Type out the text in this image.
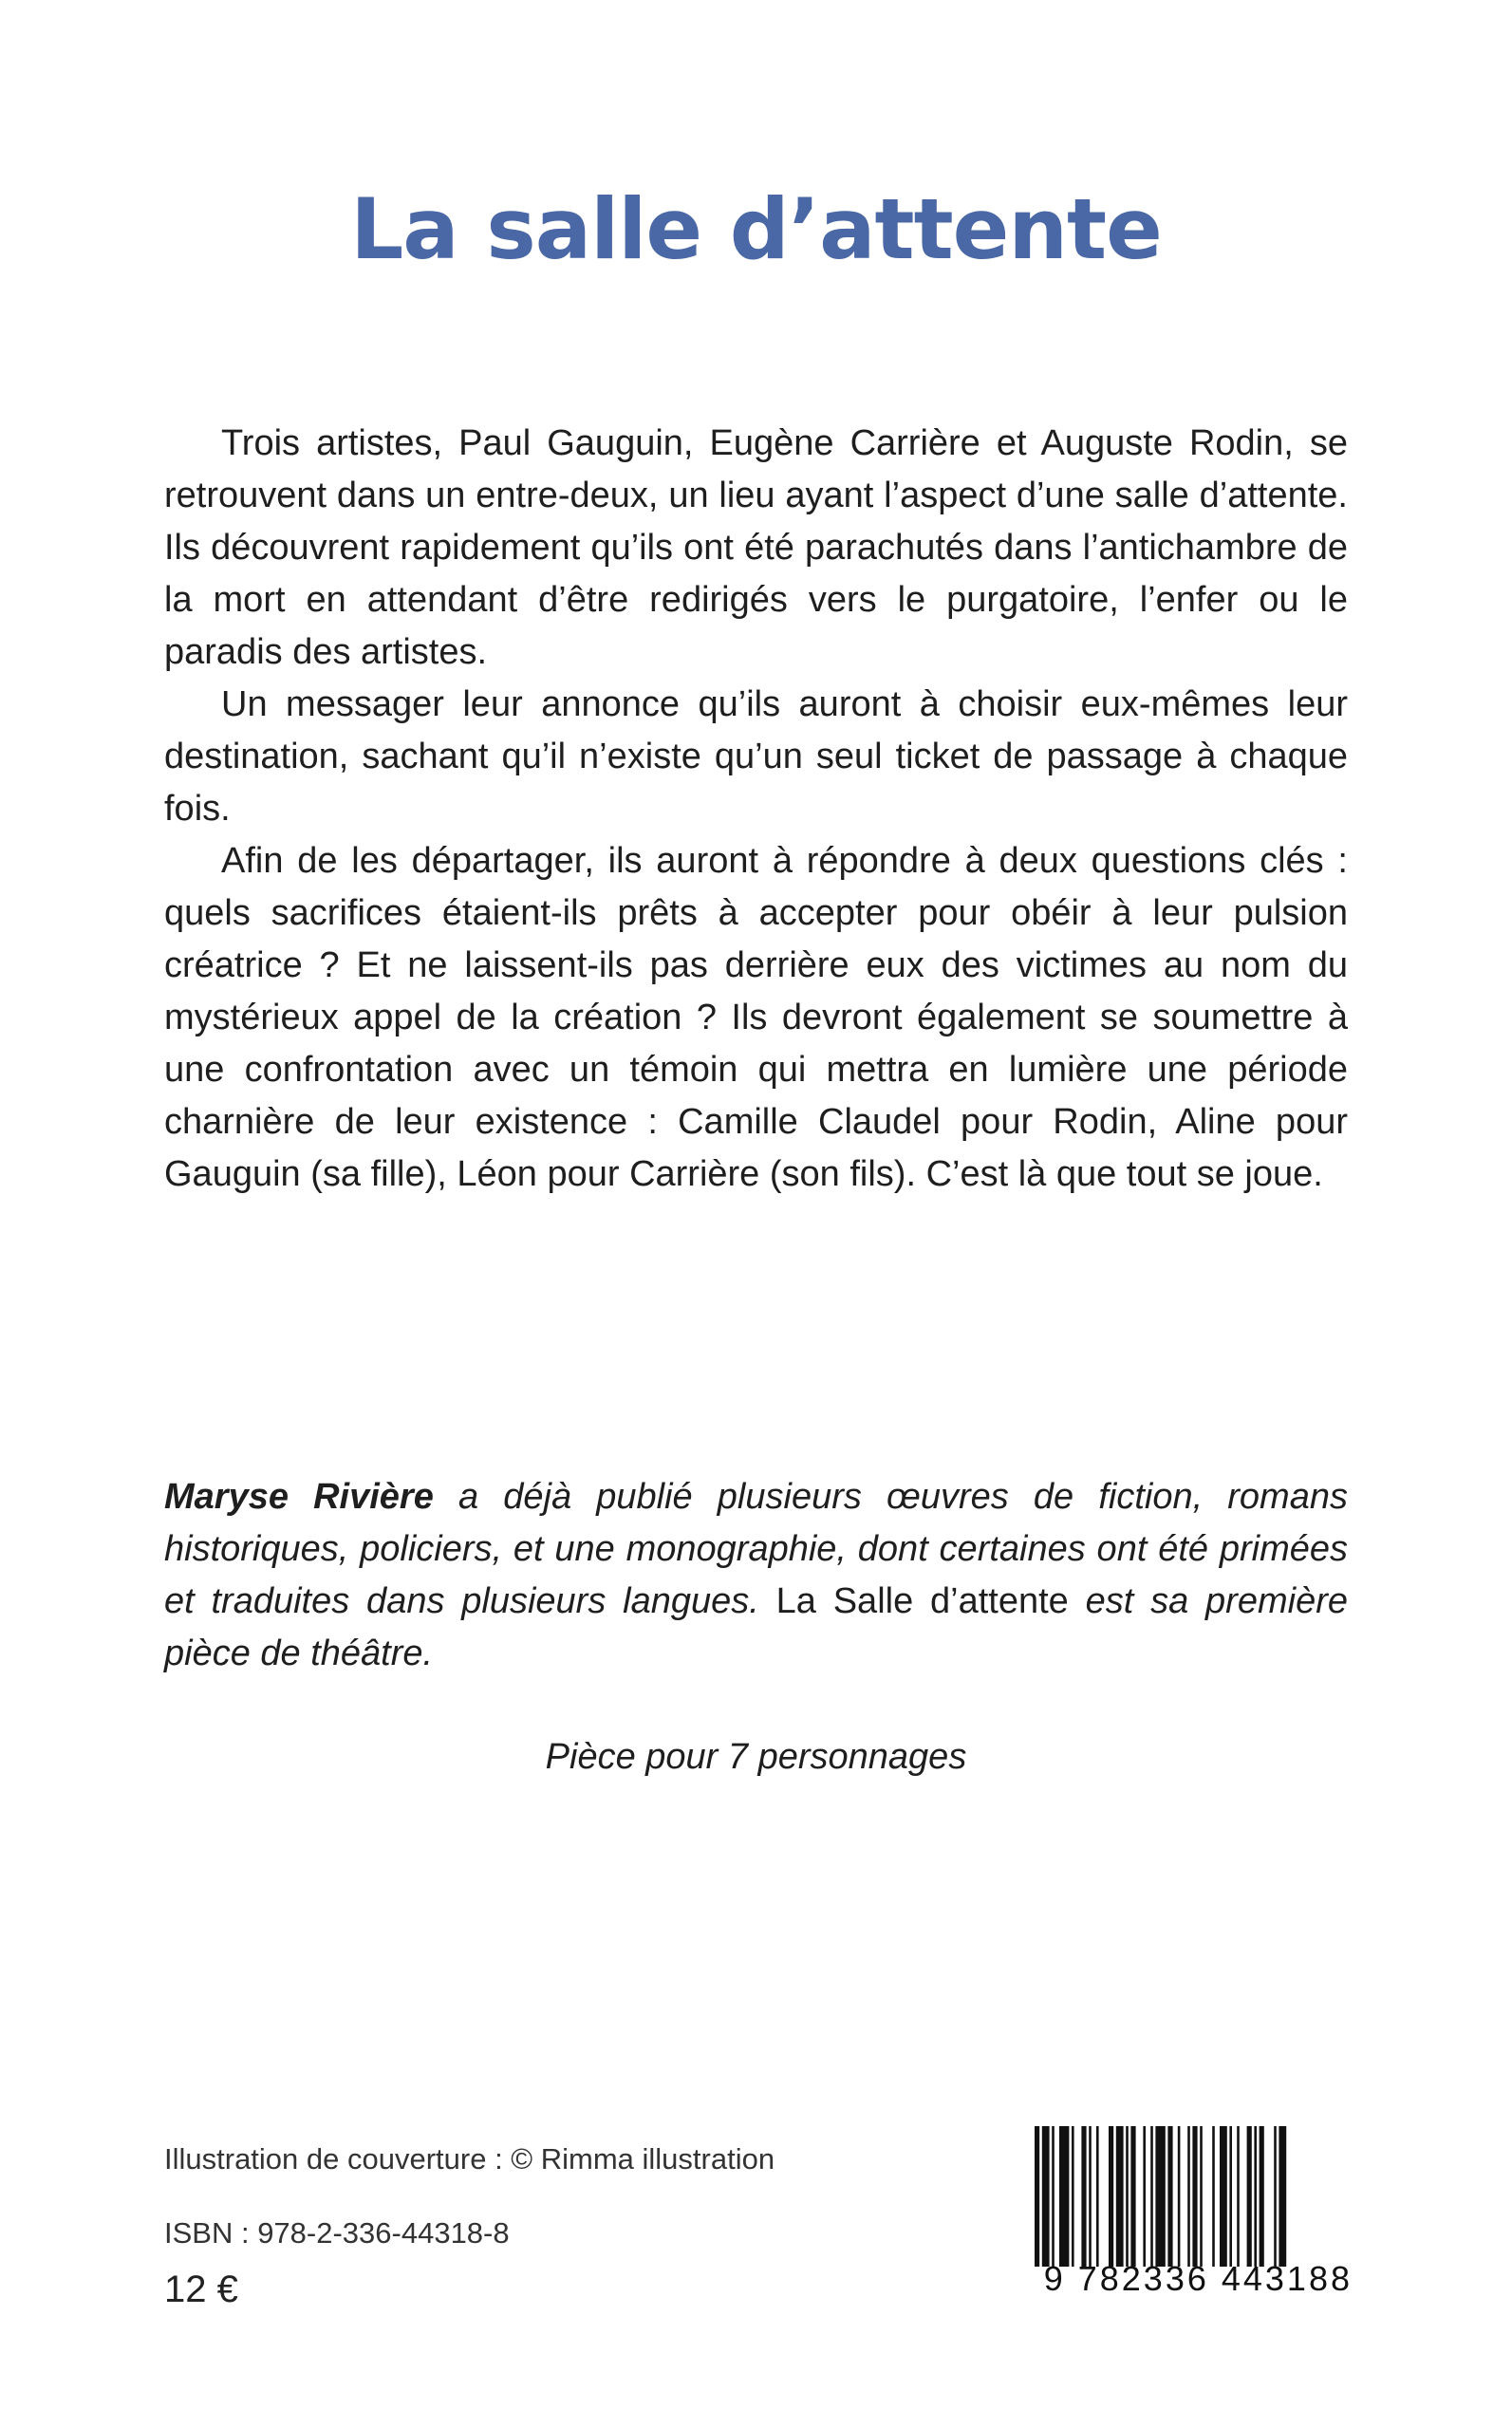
La salle d’attente

Trois artistes, Paul Gauguin, Eugène Carrière et Auguste Rodin, se retrouvent dans un entre-deux, un lieu ayant l’aspect d’une salle d’attente. Ils découvrent rapidement qu’ils ont été parachutés dans l’antichambre de la mort en attendant d’être redirigés vers le purgatoire, l’enfer ou le paradis des artistes.

Un messager leur annonce qu’ils auront à choisir eux-mêmes leur destination, sachant qu’il n’existe qu’un seul ticket de passage à chaque fois.

Afin de les départager, ils auront à répondre à deux questions clés : quels sacrifices étaient-ils prêts à accepter pour obéir à leur pulsion créatrice ? Et ne laissent-ils pas derrière eux des victimes au nom du mystérieux appel de la création ? Ils devront également se soumettre à une confrontation avec un témoin qui mettra en lumière une période charnière de leur existence : Camille Claudel pour Rodin, Aline pour Gauguin (sa fille), Léon pour Carrière (son fils). C’est là que tout se joue.

Maryse Rivière a déjà publié plusieurs œuvres de fiction, romans historiques, policiers, et une monographie, dont certaines ont été primées et traduites dans plusieurs langues. La Salle d’attente est sa première pièce de théâtre.

Pièce pour 7 personnages

Illustration de couverture : © Rimma illustration
ISBN : 978-2-336-44318-8
12 €	9 782336 443188
